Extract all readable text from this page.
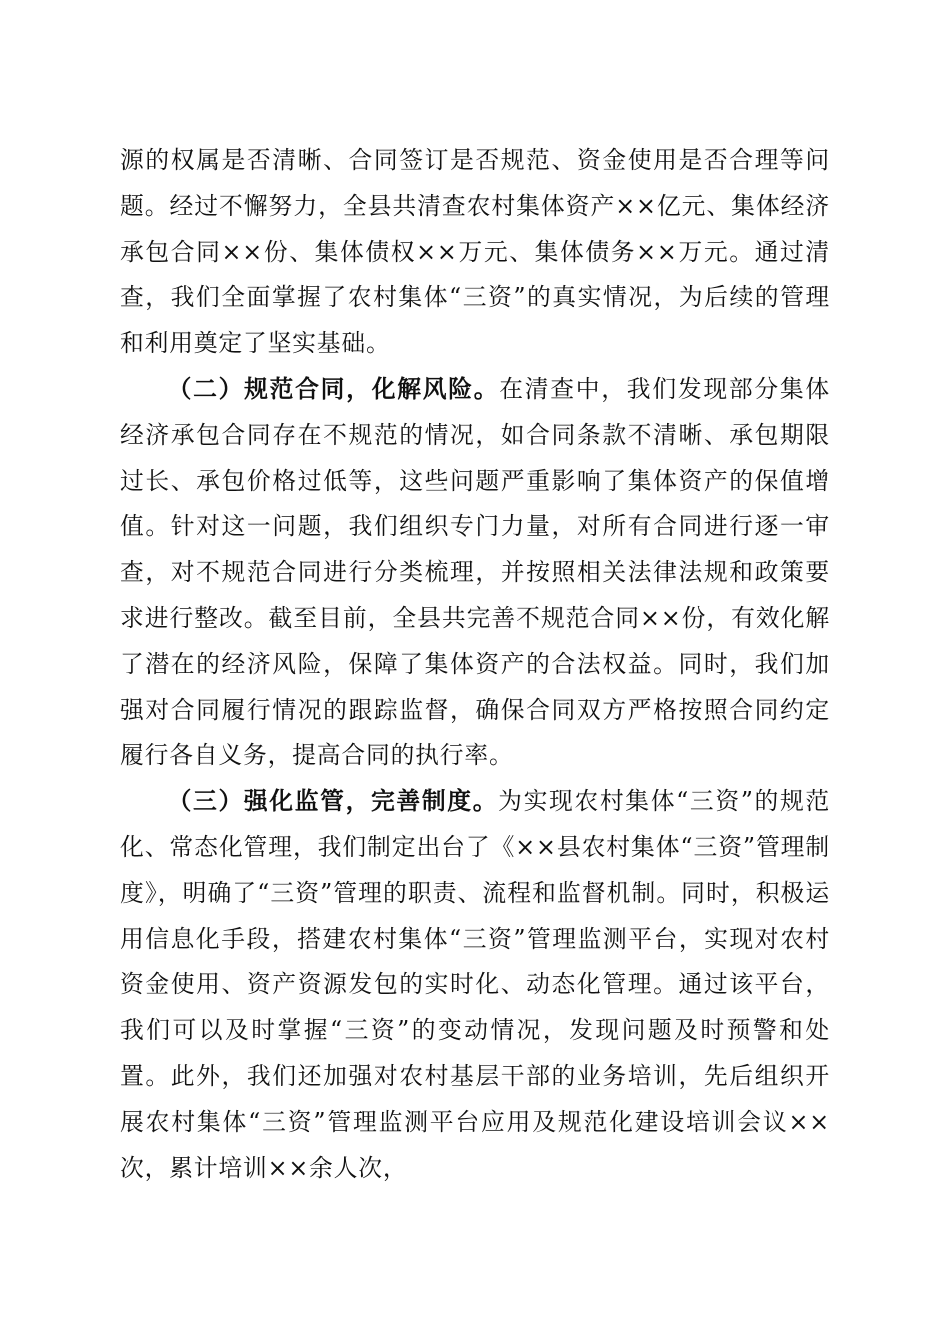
源的权属是否清晰、合同签订是否规范、资金使用是否合理等问题。经过不懈努力，全县共清查农村集体资产××亿元、集体经济承包合同××份、集体债权××万元、集体债务××万元。通过清查，我们全面掌握了农村集体“三资”的真实情况，为后续的管理和利用奠定了坚实基础。

（二）规范合同，化解风险。在清查中，我们发现部分集体经济承包合同存在不规范的情况，如合同条款不清晰、承包期限过长、承包价格过低等，这些问题严重影响了集体资产的保值增值。针对这一问题，我们组织专门力量，对所有合同进行逐一审查，对不规范合同进行分类梳理，并按照相关法律法规和政策要求进行整改。截至目前，全县共完善不规范合同××份，有效化解了潜在的经济风险，保障了集体资产的合法权益。同时，我们加强对合同履行情况的跟踪监督，确保合同双方严格按照合同约定履行各自义务，提高合同的执行率。

（三）强化监管，完善制度。为实现农村集体“三资”的规范化、常态化管理，我们制定出台了《××县农村集体“三资”管理制度》，明确了“三资”管理的职责、流程和监督机制。同时，积极运用信息化手段，搭建农村集体“三资”管理监测平台，实现对农村资金使用、资产资源发包的实时化、动态化管理。通过该平台，我们可以及时掌握“三资”的变动情况，发现问题及时预警和处置。此外，我们还加强对农村基层干部的业务培训，先后组织开展农村集体“三资”管理监测平台应用及规范化建设培训会议××次，累计培训××余人次，
